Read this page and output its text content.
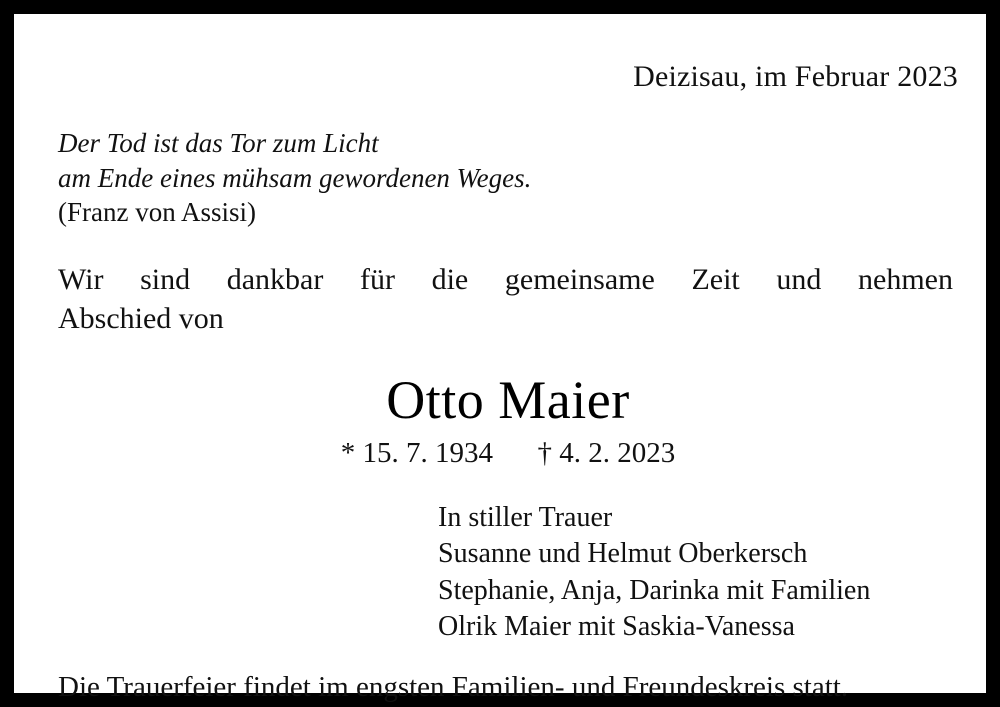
Deizisau, im Februar 2023
Der Tod ist das Tor zum Licht
am Ende eines mühsam gewordenen Weges.
(Franz von Assisi)
Wir sind dankbar für die gemeinsame Zeit und nehmen
Abschied von
Otto Maier
* 15. 7. 1934 † 4. 2. 2023
In stiller Trauer
Susanne und Helmut Oberkersch
Stephanie, Anja, Darinka mit Familien
Olrik Maier mit Saskia-Vanessa
Die Trauerfeier findet im engsten Familien- und Freundeskreis statt.
